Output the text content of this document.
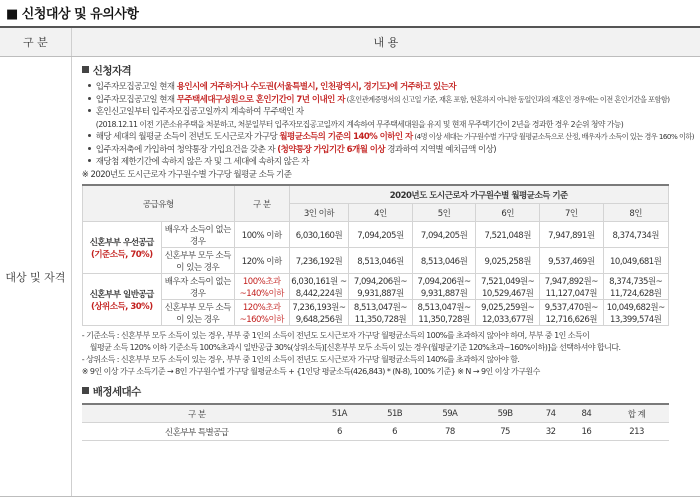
■ 신청대상 및 유의사항
구 분	내 용
대상 및 자격	
신청자격
입주자모집공고일 현재 용인시에 거주하거나 수도권(서울특별시, 인천광역시, 경기도)에 거주하고 있는자
입주자모집공고일 현재 무주택세대구성원으로 혼인기간이 7년 이내인 자 (혼인관계증명서의 신고일 기준, 재혼 포함, 현혼하지 아니한 동일인과의 재혼인 경우에는 이전 혼인기간을 포함함)
혼인신고일부터 입주자모집공고일까지 계속하여 무주택인 자
(2018.12.11 이전 기존소유주택을 처분하고, 처분일부터 입주자모집공고일까지 계속하여 무주택세대원을 유지 및 현재 무주택기간이 2년을 경과한 경우 2순위 청약 가능)
해당 세대의 월평균 소득이 전년도 도시근로자 가구당 월평균소득의 기준의 140% 이하인 자 (4명 이상 세대는 가구원수별 가구당 월평균소득으로 산정, 배우자가 소득이 있는 경우 160% 이하)
입주자저축에 가입하여 청약통장 가입요건을 갖춘 자 (청약통장 가입기간 6개월 이상 경과하여 지역별 예치금액 이상)
재당첨 제한기간에 속하지 않은 자 및 그 세대에 속하지 않은 자
※ 2020년도 도시근로자 가구원수별 가구당 월평균 소득 기준
공급유형	구 분	2020년도 도시근로자 가구원수별 월평균소득 기준
3인 이하	4인	5인	6인	7인	8인

신혼부부 우선공급
(기준소득, 70%)
	배우자 소득이 없는 경우	100% 이하	6,030,160원	7,094,205원	7,094,205원	7,521,048원	7,947,891원	8,374,734원
신혼부부 모두 소득이 있는 경우	120% 이하	7,236,192원	8,513,046원	8,513,046원	9,025,258원	9,537,469원	10,049,681원

신혼부부 일반공급
(상위소득, 30%)
	배우자 소득이 없는 경우	100%초과 ~140%이하	6,030,161원 ~ 8,442,224원	7,094,206원~ 9,931,887원	7,094,206원~ 9,931,887원	7,521,049원~ 10,529,467원	7,947,892원~ 11,127,047원	8,374,735원~ 11,724,628원
신혼부부 모두 소득이 있는 경우	120%초과 ~160%이하	7,236,193원~ 9,648,256원	8,513,047원~ 11,350,728원	8,513,047원~ 11,350,728원	9,025,259원~ 12,033,677원	9,537,470원~ 12,716,626원	10,049,682원~ 13,399,574원
- 기준소득 : 신혼부부 모두 소득이 있는 경우, 부부 중 1인의 소득이 전년도 도시근로자 가구당 월평균소득의 100%를 초과하지 않아야 하며, 부부 중 1인 소득이
월평균 소득 120% 이하 기준소득 100%초과시 일반공급 30%(상위소득)[신혼부부 모두 소득이 있는 경우(월평균기준 120%초과~160%이하)]을 선택하셔야 합니다.
- 상위소득 : 신혼부부 모두 소득이 있는 경우, 부부 중 1인의 소득이 전년도 도시근로자 가구당 월평균소득의 140%를 초과하지 않아야 함.
※ 9인 이상 가구 소득기준 → 8인 가구원수별 가구당 월평균소득 + {1인당 평균소득(426,843) * (N-8), 100% 기준} ※ N → 9인 이상 가구원수
배정세대수
구 분	51A	51B	59A	59B	74	84	합 계
신혼부부 특별공급	6	6	78	75	32	16	213
